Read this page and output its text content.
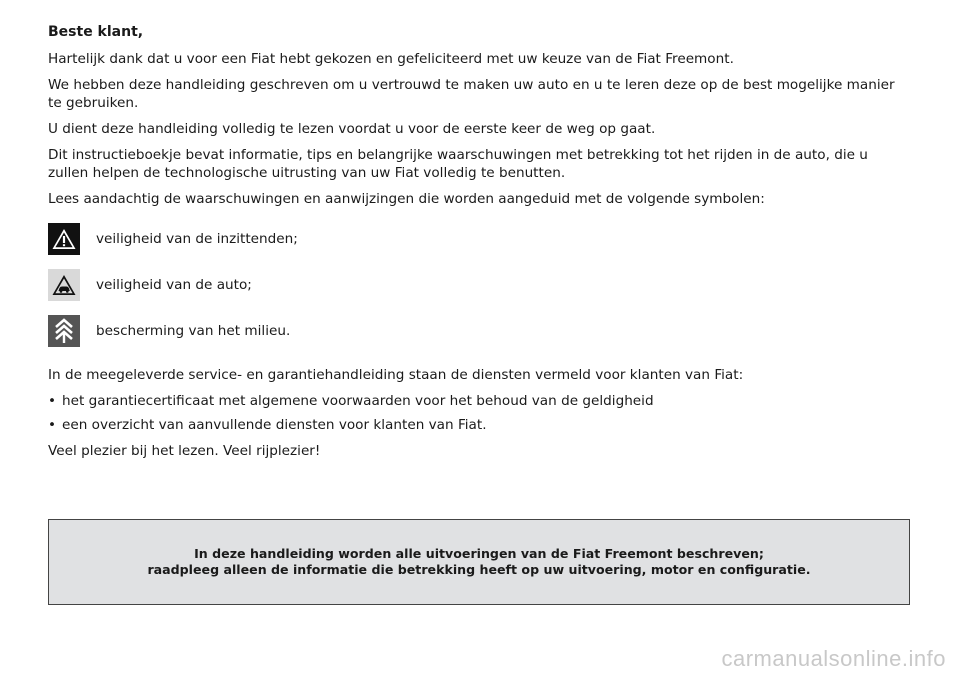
Beste klant,

Hartelijk dank dat u voor een Fiat hebt gekozen en gefeliciteerd met uw keuze van de Fiat Freemont.

We hebben deze handleiding geschreven om u vertrouwd te maken uw auto en u te leren deze op de best mogelijke manier te gebruiken.

U dient deze handleiding volledig te lezen voordat u voor de eerste keer de weg op gaat.

Dit instructieboekje bevat informatie, tips en belangrijke waarschuwingen met betrekking tot het rijden in de auto, die u zullen helpen de technologische uitrusting van uw Fiat volledig te benutten.

Lees aandachtig de waarschuwingen en aanwijzingen die worden aangeduid met de volgende symbolen:

veiligheid van de inzittenden;
veiligheid van de auto;
bescherming van het milieu.

In de meegeleverde service- en garantiehandleiding staan de diensten vermeld voor klanten van Fiat:

• het garantiecertificaat met algemene voorwaarden voor het behoud van de geldigheid
• een overzicht van aanvullende diensten voor klanten van Fiat.

Veel plezier bij het lezen. Veel rijplezier!

In deze handleiding worden alle uitvoeringen van de Fiat Freemont beschreven;
raadpleeg alleen de informatie die betrekking heeft op uw uitvoering, motor en configuratie.
carmanualsonline.info
